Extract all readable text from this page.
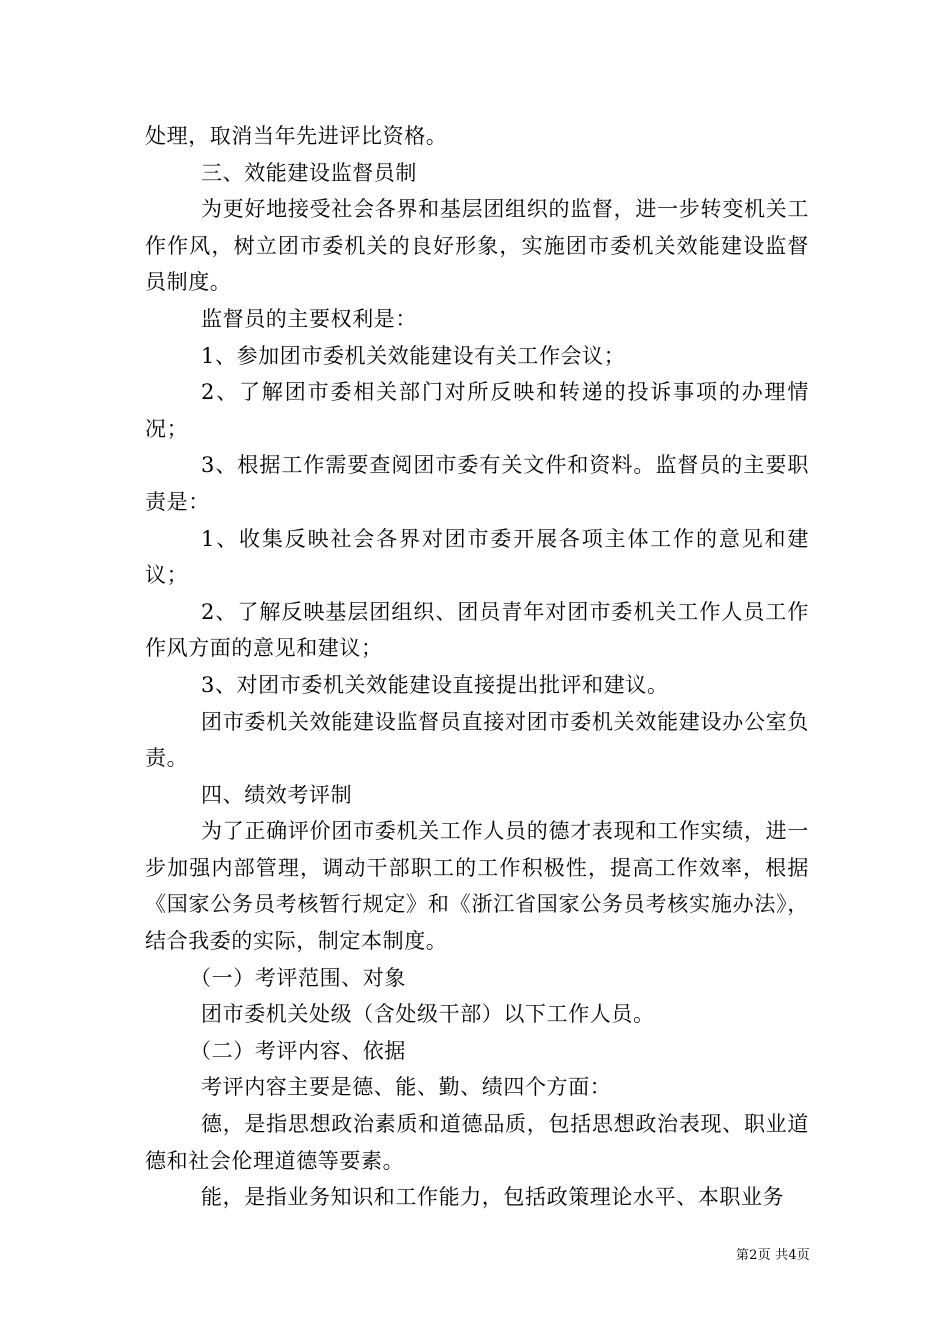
处理，取消当年先进评比资格。

三、效能建设监督员制

为更好地接受社会各界和基层团组织的监督，进一步转变机关工作作风，树立团市委机关的良好形象，实施团市委机关效能建设监督员制度。

监督员的主要权利是：

1、参加团市委机关效能建设有关工作会议；

2、了解团市委相关部门对所反映和转递的投诉事项的办理情况；

3、根据工作需要查阅团市委有关文件和资料。监督员的主要职责是：

1、收集反映社会各界对团市委开展各项主体工作的意见和建议；

2、了解反映基层团组织、团员青年对团市委机关工作人员工作作风方面的意见和建议；

3、对团市委机关效能建设直接提出批评和建议。

团市委机关效能建设监督员直接对团市委机关效能建设办公室负责。

四、绩效考评制

为了正确评价团市委机关工作人员的德才表现和工作实绩，进一步加强内部管理，调动干部职工的工作积极性，提高工作效率，根据《国家公务员考核暂行规定》和《浙江省国家公务员考核实施办法》，结合我委的实际，制定本制度。

（一）考评范围、对象

团市委机关处级（含处级干部）以下工作人员。

（二）考评内容、依据

考评内容主要是德、能、勤、绩四个方面：

德，是指思想政治素质和道德品质，包括思想政治表现、职业道德和社会伦理道德等要素。

能，是指业务知识和工作能力，包括政策理论水平、本职业务

第2页 共4页
